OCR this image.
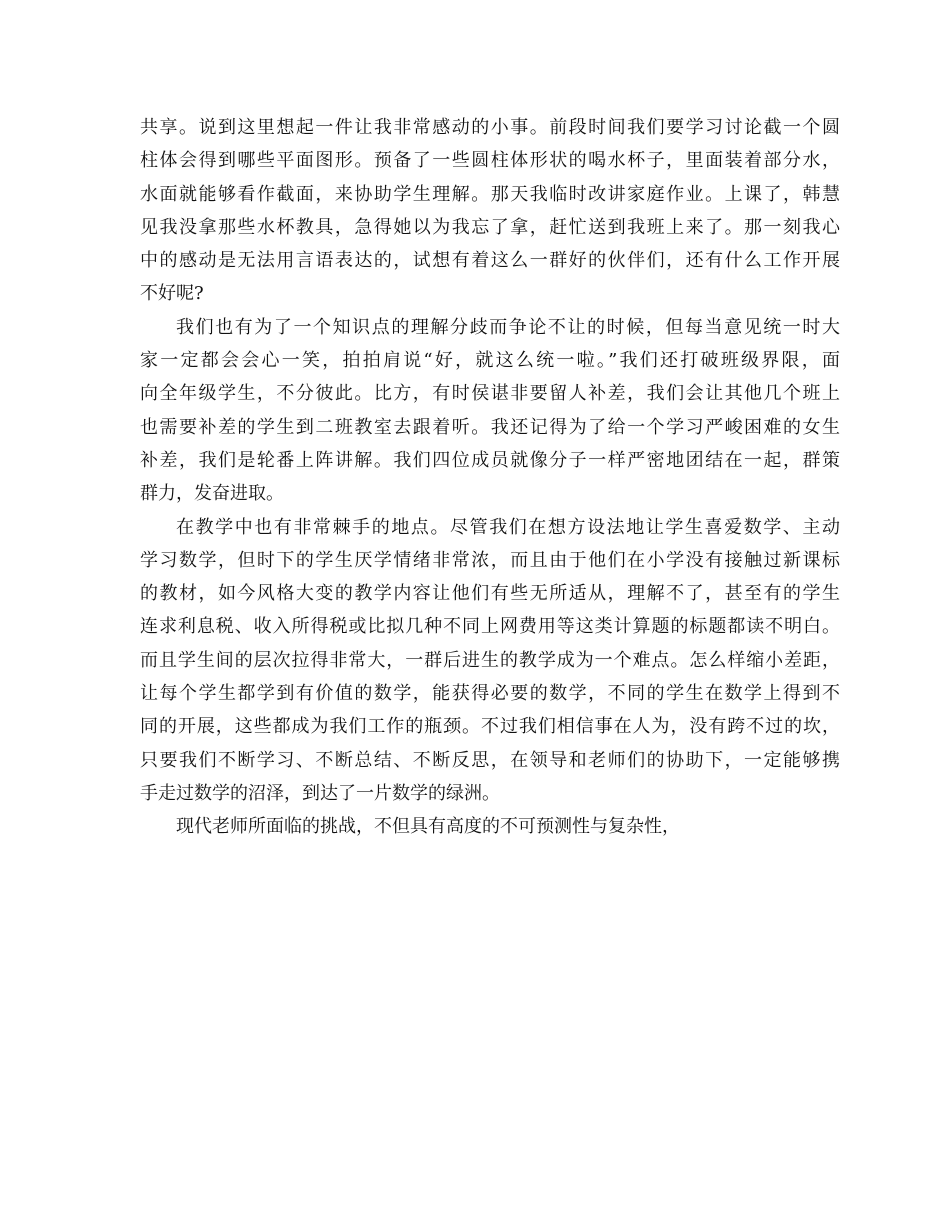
共享。说到这里想起一件让我非常感动的小事。前段时间我们要学习讨论截一个圆
柱体会得到哪些平面图形。预备了一些圆柱体形状的喝水杯子，里面装着部分水，
水面就能够看作截面，来协助学生理解。那天我临时改讲家庭作业。上课了，韩慧
见我没拿那些水杯教具，急得她以为我忘了拿，赶忙送到我班上来了。那一刻我心
中的感动是无法用言语表达的，试想有着这么一群好的伙伴们，还有什么工作开展
不好呢?
我们也有为了一个知识点的理解分歧而争论不让的时候，但每当意见统一时大
家一定都会会心一笑，拍拍肩说“好，就这么统一啦。”我们还打破班级界限，面
向全年级学生，不分彼此。比方，有时侯谌非要留人补差，我们会让其他几个班上
也需要补差的学生到二班教室去跟着听。我还记得为了给一个学习严峻困难的女生
补差，我们是轮番上阵讲解。我们四位成员就像分子一样严密地团结在一起，群策
群力，发奋进取。
在教学中也有非常棘手的地点。尽管我们在想方设法地让学生喜爱数学、主动
学习数学，但时下的学生厌学情绪非常浓，而且由于他们在小学没有接触过新课标
的教材，如今风格大变的教学内容让他们有些无所适从，理解不了，甚至有的学生
连求利息税、收入所得税或比拟几种不同上网费用等这类计算题的标题都读不明白。
而且学生间的层次拉得非常大，一群后进生的教学成为一个难点。怎么样缩小差距，
让每个学生都学到有价值的数学，能获得必要的数学，不同的学生在数学上得到不
同的开展，这些都成为我们工作的瓶颈。不过我们相信事在人为，没有跨不过的坎，
只要我们不断学习、不断总结、不断反思，在领导和老师们的协助下，一定能够携
手走过数学的沼泽，到达了一片数学的绿洲。
现代老师所面临的挑战，不但具有高度的不可预测性与复杂性，
